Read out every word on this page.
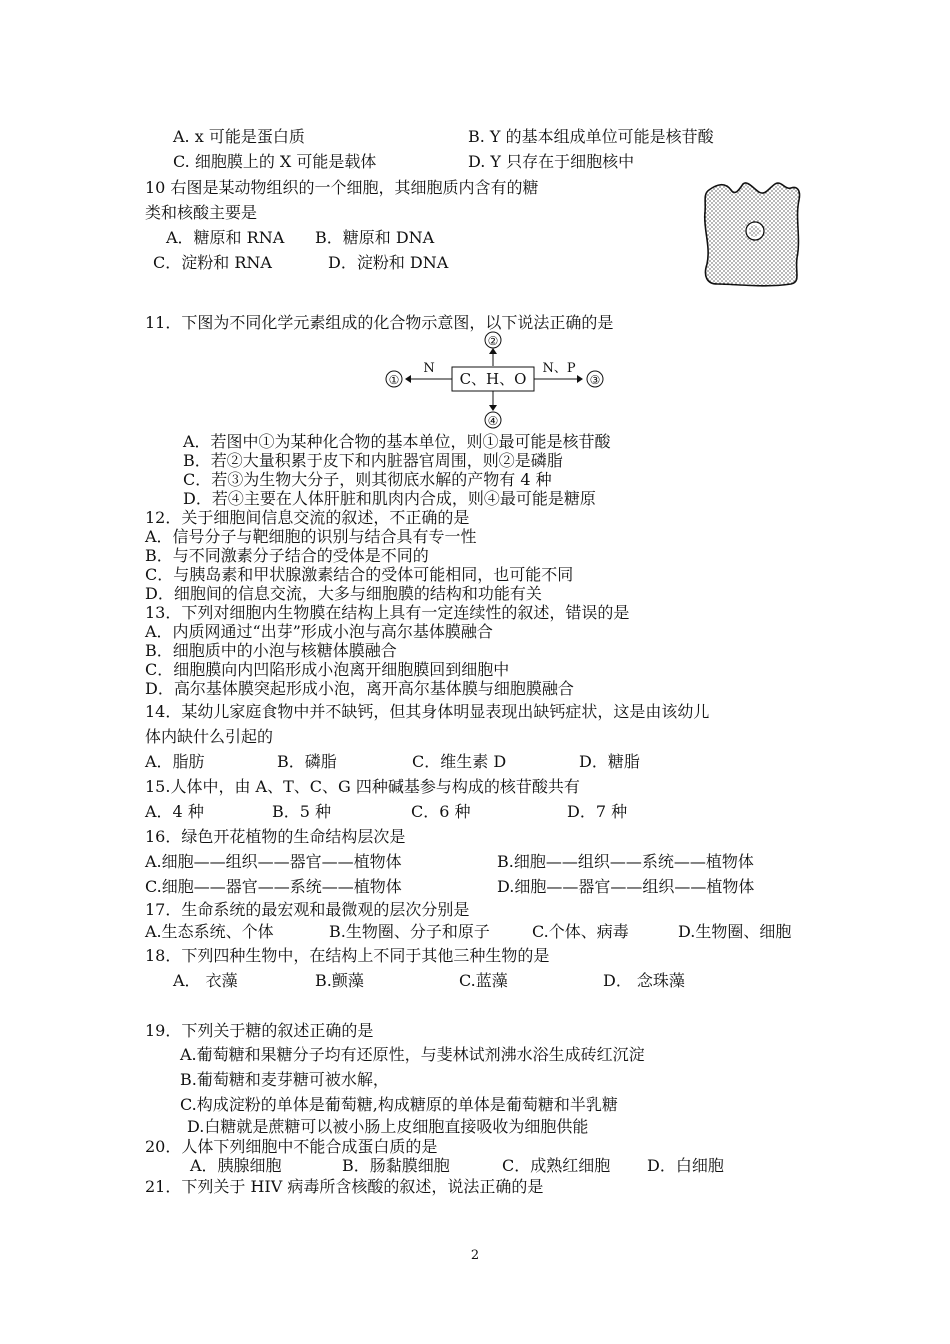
A. x 可能是蛋白质	B. Y 的基本组成单位可能是核苷酸
C. 细胞膜上的 X 可能是载体	D. Y 只存在于细胞核中
10 右图是某动物组织的一个细胞，其细胞质内含有的糖
类和核酸主要是
A．糖原和 RNA B．糖原和 DNA
C．淀粉和 RNA	D．淀粉和 DNA
11．下图为不同化学元素组成的化合物示意图，以下说法正确的是
②
C、H、O
N
①
N、P
③
④
A．若图中①为某种化合物的基本单位，则①最可能是核苷酸
B．若②大量积累于皮下和内脏器官周围，则②是磷脂
C．若③为生物大分子，则其彻底水解的产物有 4 种
D．若④主要在人体肝脏和肌肉内合成，则④最可能是糖原
12．关于细胞间信息交流的叙述，不正确的是
A．信号分子与靶细胞的识别与结合具有专一性
B．与不同激素分子结合的受体是不同的
C．与胰岛素和甲状腺激素结合的受体可能相同，也可能不同
D．细胞间的信息交流，大多与细胞膜的结构和功能有关
13．下列对细胞内生物膜在结构上具有一定连续性的叙述，错误的是
A．内质网通过“出芽”形成小泡与高尔基体膜融合
B．细胞质中的小泡与核糖体膜融合
C．细胞膜向内凹陷形成小泡离开细胞膜回到细胞中
D．高尔基体膜突起形成小泡，离开高尔基体膜与细胞膜融合
14．某幼儿家庭食物中并不缺钙，但其身体明显表现出缺钙症状，这是由该幼儿
体内缺什么引起的
A．脂肪	B．磷脂	C．维生素 D	D．糖脂
15.人体中，由 A、T、C、G 四种碱基参与构成的核苷酸共有
A．4 种	B．5 种	C．6 种	D．7 种
16．绿色开花植物的生命结构层次是
A.细胞——组织——器官——植物体	B.细胞——组织——系统——植物体
C.细胞——器官——系统——植物体	D.细胞——器官——组织——植物体
17．生命系统的最宏观和最微观的层次分别是
A.生态系统、个体	B.生物圈、分子和原子	C.个体、病毒	D.生物圈、细胞
18．下列四种生物中，在结构上不同于其他三种生物的是
A． 衣藻	B.颤藻	C.蓝藻	D． 念珠藻
19．下列关于糖的叙述正确的是
A.葡萄糖和果糖分子均有还原性，与斐林试剂沸水浴生成砖红沉淀
B.葡萄糖和麦芽糖可被水解，
C.构成淀粉的单体是葡萄糖,构成糖原的单体是葡萄糖和半乳糖
D.白糖就是蔗糖可以被小肠上皮细胞直接吸收为细胞供能
20．人体下列细胞中不能合成蛋白质的是
A．胰腺细胞	B．肠黏膜细胞	C．成熟红细胞 D．白细胞
21．下列关于 HIV 病毒所含核酸的叙述，说法正确的是
2
